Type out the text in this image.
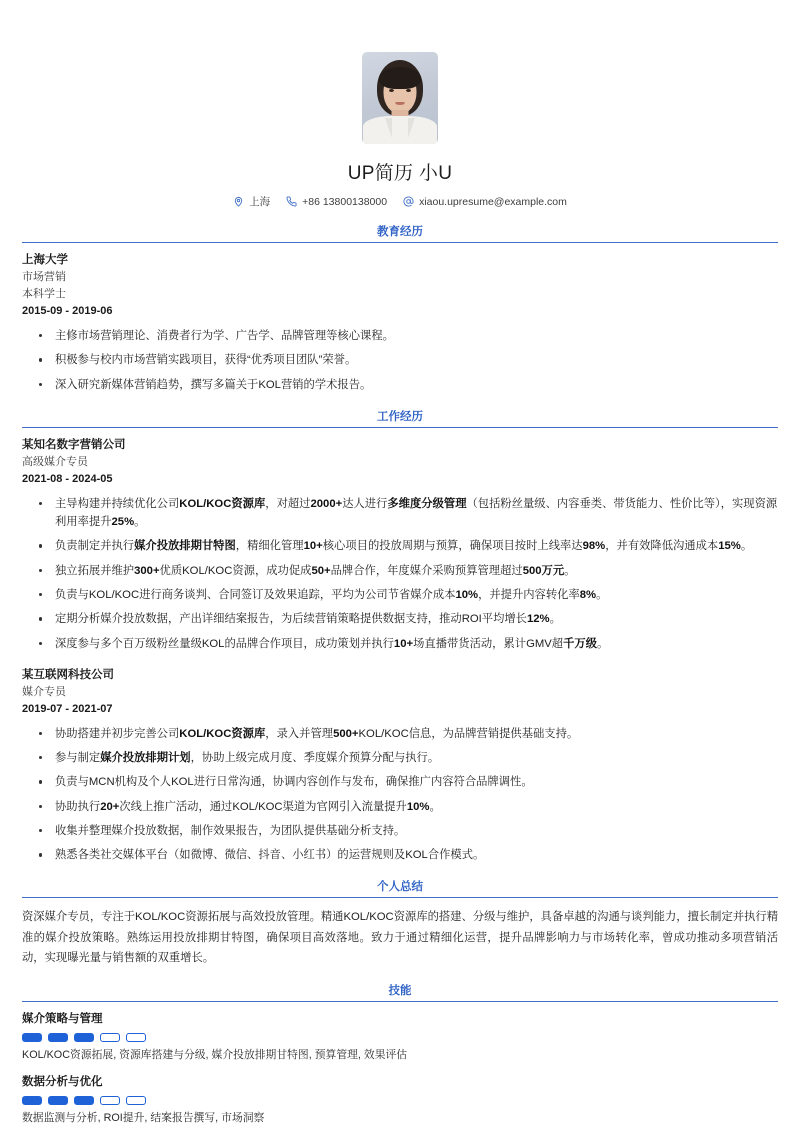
UP简历 小U
上海	+86 13800138000	xiaou.upresume@example.com
教育经历
上海大学
市场营销
本科学士
2015-09 - 2019-06
主修市场营销理论、消费者行为学、广告学、品牌管理等核心课程。
积极参与校内市场营销实践项目，获得“优秀项目团队”荣誉。
深入研究新媒体营销趋势，撰写多篇关于KOL营销的学术报告。
工作经历
某知名数字营销公司
高级媒介专员
2021-08 - 2024-05
主导构建并持续优化公司KOL/KOC资源库，对超过2000+达人进行多维度分级管理（包括粉丝量级、内容垂类、带货能力、性价比等），实现资源利用率提升25%。
负责制定并执行媒介投放排期甘特图，精细化管理10+核心项目的投放周期与预算，确保项目按时上线率达98%，并有效降低沟通成本15%。
独立拓展并维护300+优质KOL/KOC资源，成功促成50+品牌合作，年度媒介采购预算管理超过500万元。
负责与KOL/KOC进行商务谈判、合同签订及效果追踪，平均为公司节省媒介成本10%，并提升内容转化率8%。
定期分析媒介投放数据，产出详细结案报告，为后续营销策略提供数据支持，推动ROI平均增长12%。
深度参与多个百万级粉丝量级KOL的品牌合作项目，成功策划并执行10+场直播带货活动，累计GMV超千万级。
某互联网科技公司
媒介专员
2019-07 - 2021-07
协助搭建并初步完善公司KOL/KOC资源库，录入并管理500+KOL/KOC信息，为品牌营销提供基础支持。
参与制定媒介投放排期计划，协助上级完成月度、季度媒介预算分配与执行。
负责与MCN机构及个人KOL进行日常沟通，协调内容创作与发布，确保推广内容符合品牌调性。
协助执行20+次线上推广活动，通过KOL/KOC渠道为官网引入流量提升10%。
收集并整理媒介投放数据，制作效果报告，为团队提供基础分析支持。
熟悉各类社交媒体平台（如微博、微信、抖音、小红书）的运营规则及KOL合作模式。
个人总结
资深媒介专员，专注于KOL/KOC资源拓展与高效投放管理。精通KOL/KOC资源库的搭建、分级与维护，具备卓越的沟通与谈判能力，擅长制定并执行精准的媒介投放策略。熟练运用投放排期甘特图，确保项目高效落地。致力于通过精细化运营，提升品牌影响力与市场转化率，曾成功推动多项营销活动，实现曝光量与销售额的双重增长。
技能
媒介策略与管理
KOL/KOC资源拓展, 资源库搭建与分级, 媒介投放排期甘特图, 预算管理, 效果评估
数据分析与优化
数据监测与分析, ROI提升, 结案报告撰写, 市场洞察
